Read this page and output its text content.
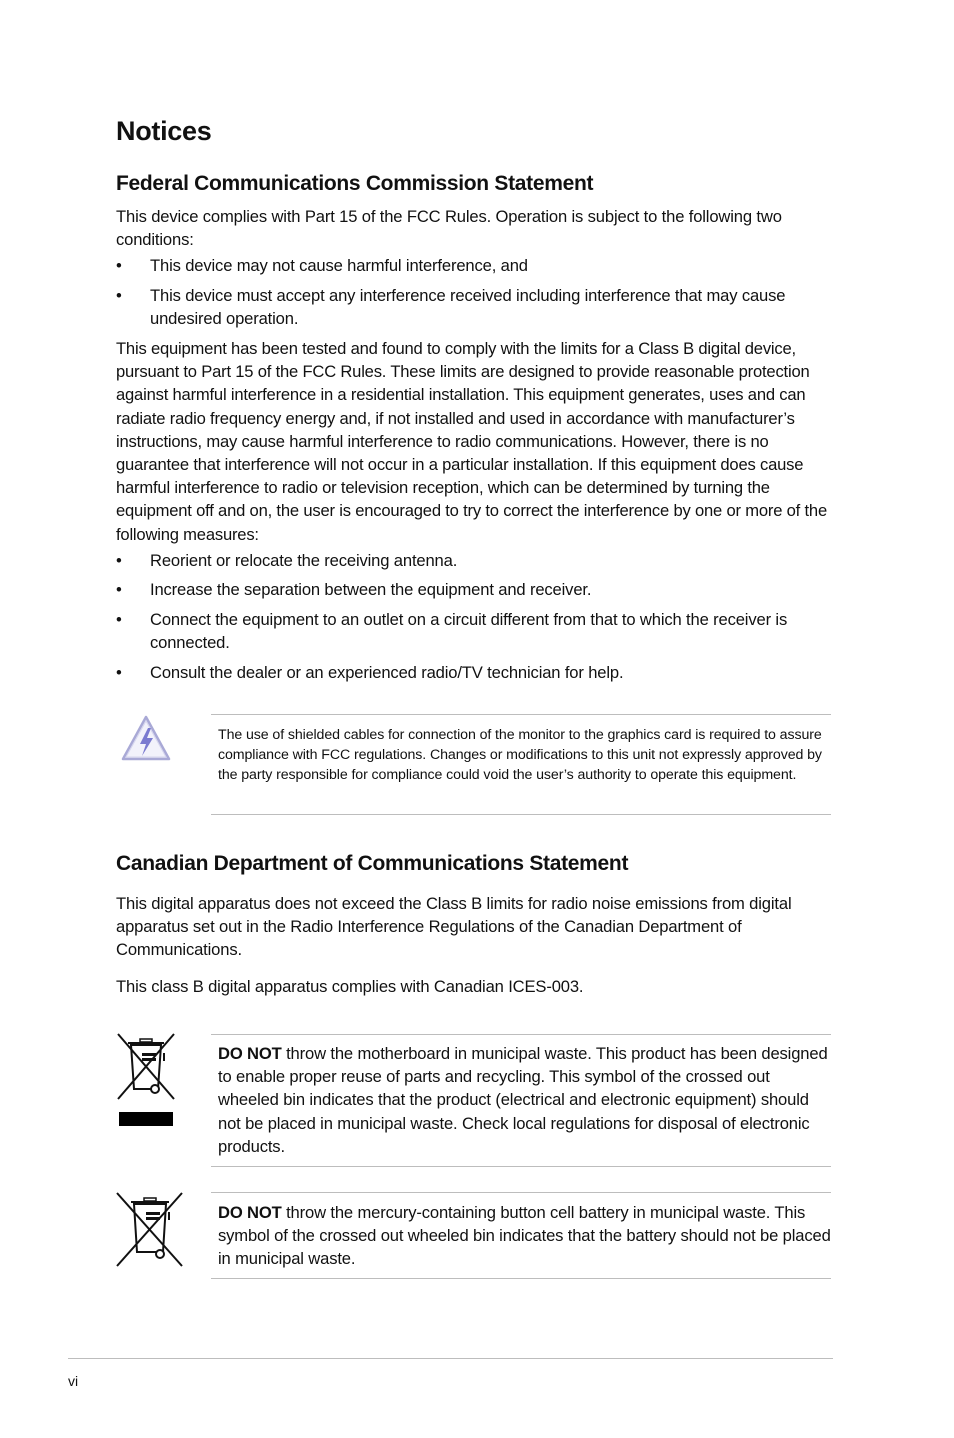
Notices
Federal Communications Commission Statement

This device complies with Part 15 of the FCC Rules. Operation is subject to the following two conditions:

• This device may not cause harmful interference, and
• This device must accept any interference received including interference that may cause undesired operation.

This equipment has been tested and found to comply with the limits for a Class B digital device, pursuant to Part 15 of the FCC Rules. These limits are designed to provide reasonable protection against harmful interference in a residential installation. This equipment generates, uses and can radiate radio frequency energy and, if not installed and used in accordance with manufacturer’s instructions, may cause harmful interference to radio communications. However, there is no guarantee that interference will not occur in a particular installation. If this equipment does cause harmful interference to radio or television reception, which can be determined by turning the equipment off and on, the user is encouraged to try to correct the interference by one or more of the following measures:

• Reorient or relocate the receiving antenna.
• Increase the separation between the equipment and receiver.
• Connect the equipment to an outlet on a circuit different from that to which the receiver is connected.
• Consult the dealer or an experienced radio/TV technician for help.
The use of shielded cables for connection of the monitor to the graphics card is required to assure compliance with FCC regulations. Changes or modifications to this unit not expressly approved by the party responsible for compliance could void the user’s authority to operate this equipment.
Canadian Department of Communications Statement

This digital apparatus does not exceed the Class B limits for radio noise emissions from digital apparatus set out in the Radio Interference Regulations of the Canadian Department of Communications.

This class B digital apparatus complies with Canadian ICES-003.

DO NOT throw the motherboard in municipal waste. This product has been designed to enable proper reuse of parts and recycling. This symbol of the crossed out wheeled bin indicates that the product (electrical and electronic equipment) should not be placed in municipal waste. Check local regulations for disposal of electronic products.
DO NOT throw the mercury-containing button cell battery in municipal waste. This symbol of the crossed out wheeled bin indicates that the battery should not be placed in municipal waste.
vi
